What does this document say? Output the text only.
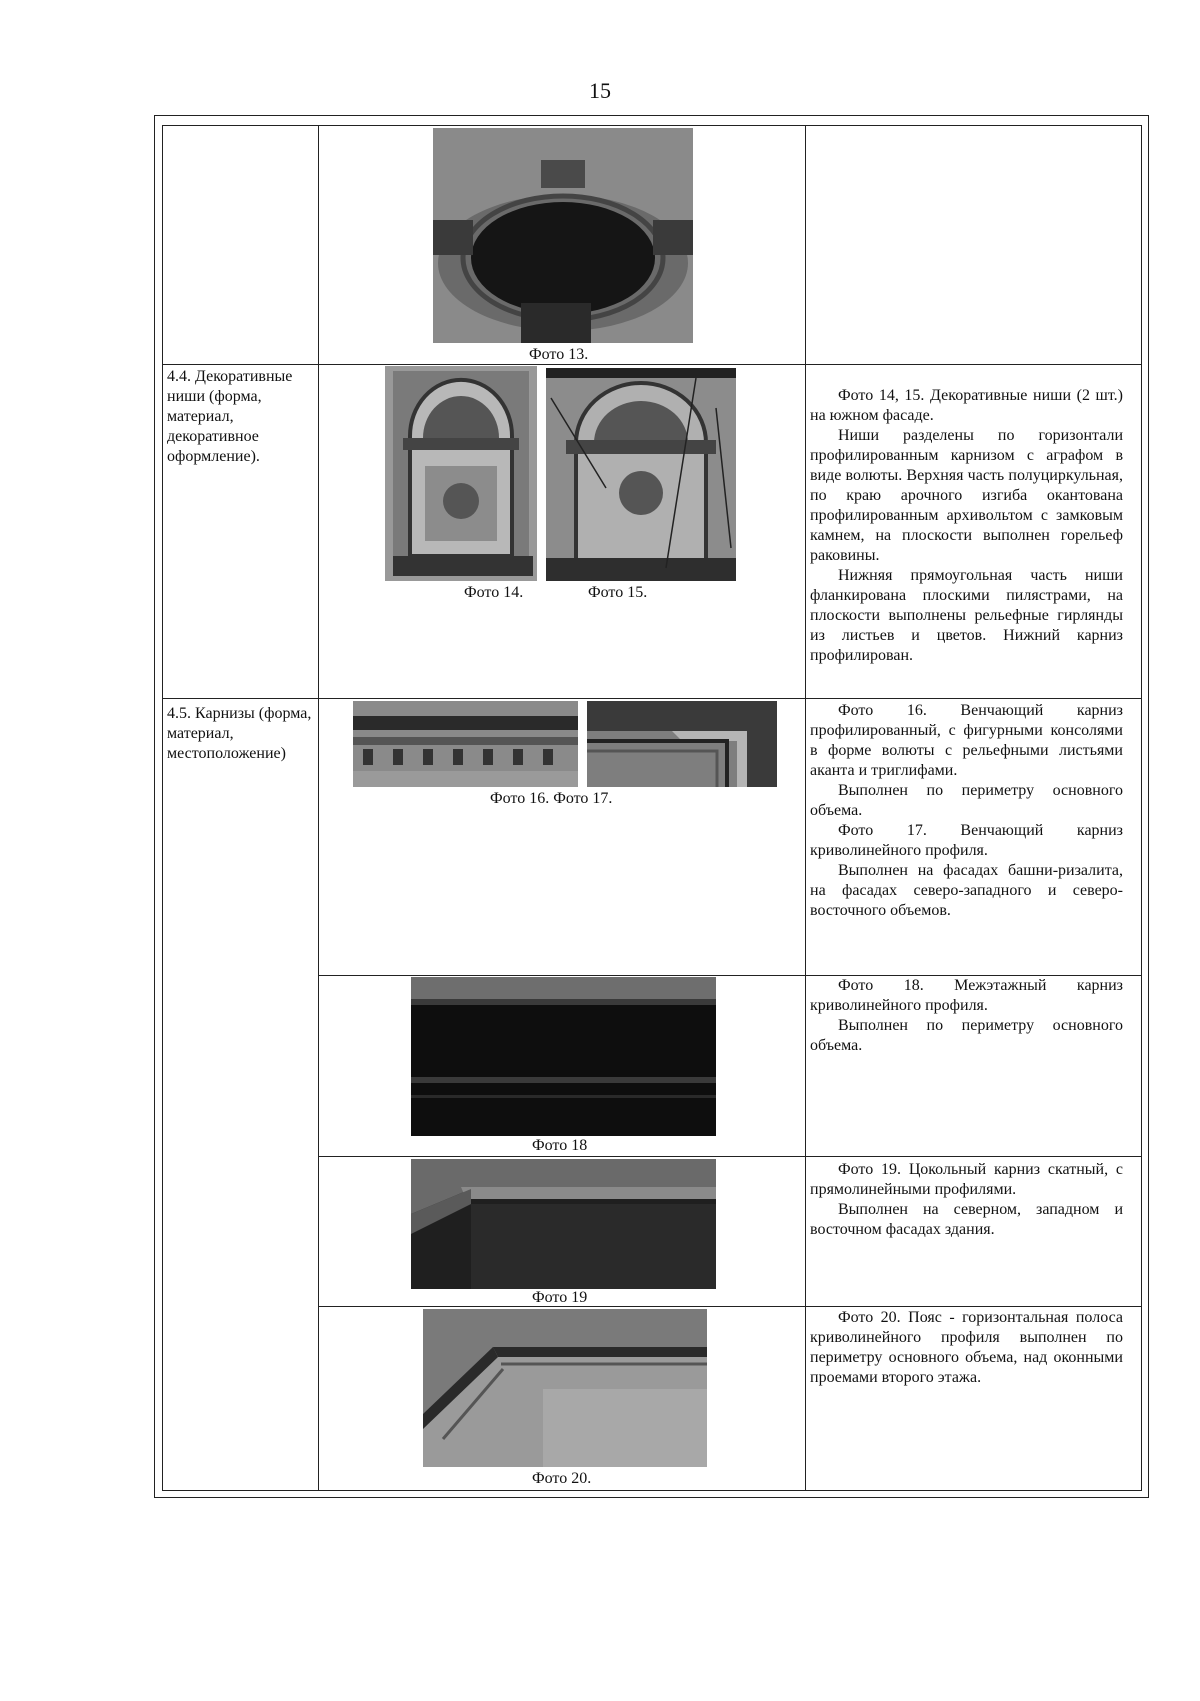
15
Фото 13.
4.4. Декоративные ниши (форма, материал, декоративное оформление).
Фото 14.	Фото 15.

Фото 14, 15. Декоративные ниши (2 шт.) на южном фасаде.

Ниши разделены по горизонтали профилированным карнизом с аграфом в виде волюты. Верхняя часть полуциркульная, по краю арочного изгиба окантована профилированным архивольтом с замковым камнем, на плоскости выполнен горельеф раковины.

Нижняя прямоугольная часть ниши фланкирована плоскими пилястрами, на плоскости выполнены рельефные гирлянды из листьев и цветов. Нижний карниз профилирован.

4.5. Карнизы (форма, материал, местоположение)
Фото 16. Фото 17.

Фото 16. Венчающий карниз профилированный, с фигурными консолями в форме волюты с рельефными листьями аканта и триглифами.

Выполнен по периметру основного объема.

Фото 17. Венчающий карниз криволинейного профиля.

Выполнен на фасадах башни-ризалита, на фасадах северо-западного и северо-восточного объемов.

Фото 18

Фото 18. Межэтажный карниз криволинейного профиля.

Выполнен по периметру основного объема.

Фото 19

Фото 19. Цокольный карниз скатный, с прямолинейными профилями.

Выполнен на северном, западном и восточном фасадах здания.

Фото 20.

Фото 20. Пояс - горизонтальная полоса криволинейного профиля выполнен по периметру основного объема, над оконными проемами второго этажа.
